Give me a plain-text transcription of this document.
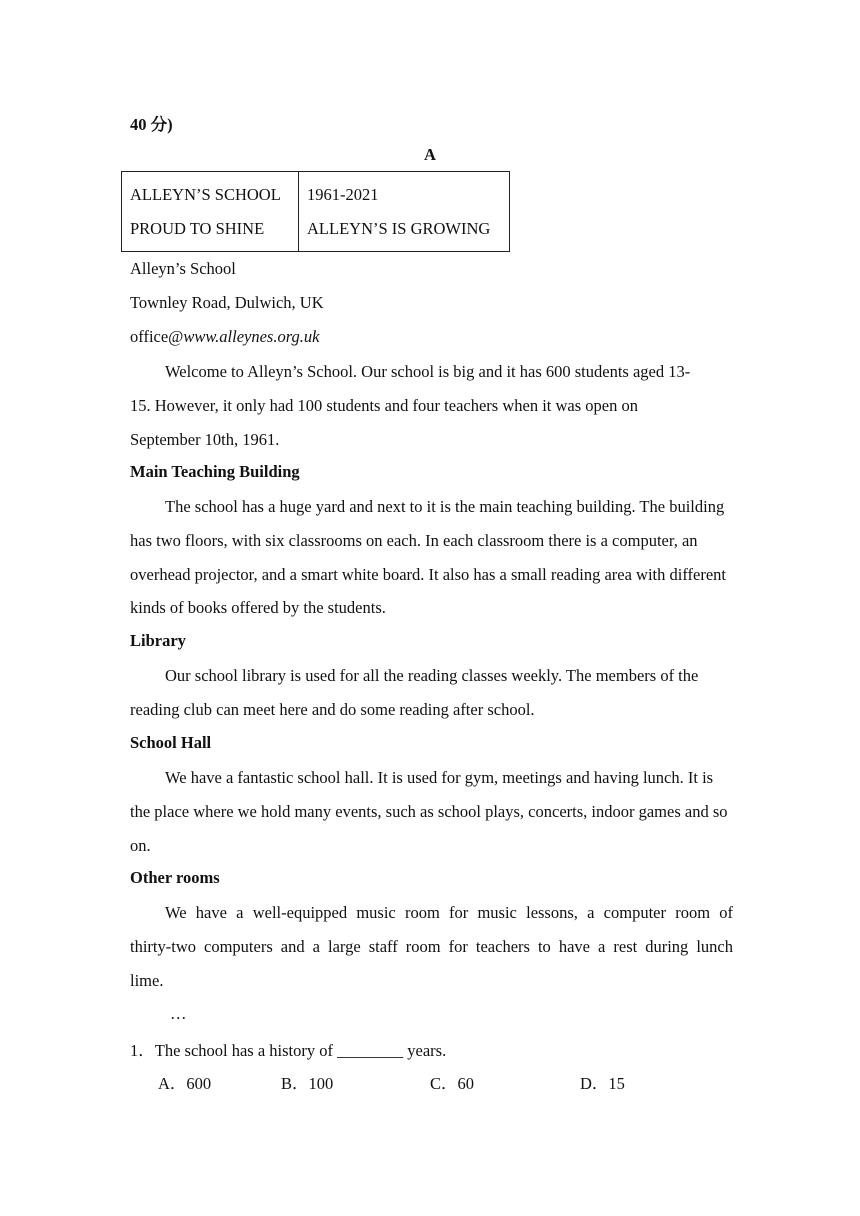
40 分)
A
ALLEYN’S SCHOOL
PROUD TO SHINE

1961-2021
ALLEYN’S IS GROWING
Alleyn’s School
Townley Road, Dulwich, UK
office@www.alleynes.org.uk

Welcome to Alleyn’s School. Our school is big and it has 600 students aged 13-15. However, it only had 100 students and four teachers when it was open on September 10th, 1961.

Main Teaching Building

The school has a huge yard and next to it is the main teaching building. The building has two floors, with six classrooms on each. In each classroom there is a computer, an overhead projector, and a smart white board. It also has a small reading area with different kinds of books offered by the students.

Library

Our school library is used for all the reading classes weekly. The members of the reading club can meet here and do some reading after school.

School Hall

We have a fantastic school hall. It is used for gym, meetings and having lunch. It is the place where we hold many events, such as school plays, concerts, indoor games and so on.

Other rooms

We have a well-equipped music room for music lessons, a computer room of

thirty-two computers and a large staff room for teachers to have a rest during lunch

lime.

…
1．The school has a history of ________ years.
A．600	B．100	C．60	D．15
